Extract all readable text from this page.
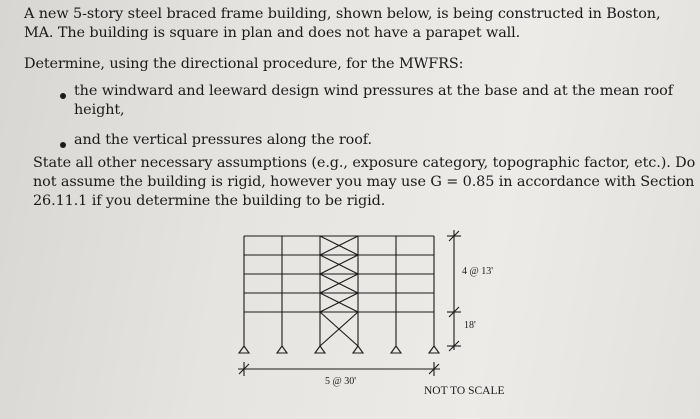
A new 5-story steel braced frame building, shown below, is being constructed in Boston,
MA. The building is square in plan and does not have a parapet wall.
Determine, using the directional procedure, for the MWFRS:
the windward and leeward design wind pressures at the base and at the mean roof
height,
and the vertical pressures along the roof.
State all other necessary assumptions (e.g., exposure category, topographic factor, etc.). Do
not assume the building is rigid, however you may use G = 0.85 in accordance with Section
26.11.1 if you determine the building to be rigid.
4 @ 13'
18'
5 @ 30'
NOT TO SCALE
